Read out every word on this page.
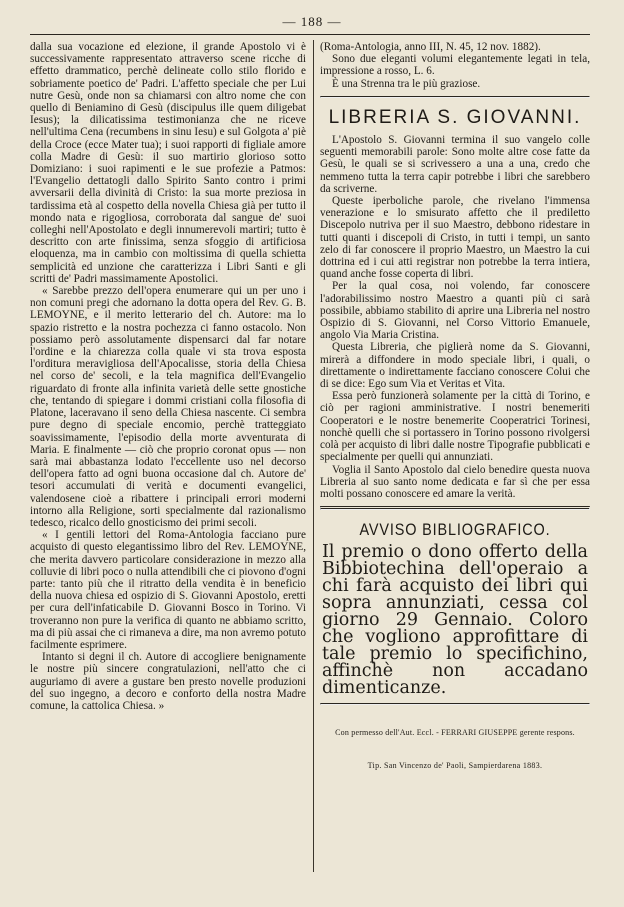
— 188 —

dalla sua vocazione ed elezione, il grande Apostolo vi è successivamente rappresentato attraverso scene ricche di effetto drammatico, perchè delineate collo stilo florido e sobriamente poetico de' Padri. L'affetto speciale che per Lui nutre Gesù, onde non sa chiamarsi con altro nome che con quello di Beniamino di Gesù (discipulus ille quem diligebat Iesus); la dilicatissima testimonianza che ne riceve nell'ultima Cena (recumbens in sinu Iesu) e sul Golgota a' piè della Croce (ecce Mater tua); i suoi rapporti di figliale amore colla Madre di Gesù: il suo martirio glorioso sotto Domiziano: i suoi rapimenti e le sue profezie a Patmos: l'Evangelio dettatogli dallo Spirito Santo contro i primi avversarii della divinità di Cristo: la sua morte preziosa in tardissima età al cospetto della novella Chiesa già per tutto il mondo nata e rigogliosa, corroborata dal sangue de' suoi colleghi nell'Apostolato e degli innumerevoli martiri; tutto è descritto con arte finissima, senza sfoggio di artificiosa eloquenza, ma in cambio con moltissima di quella schietta semplicità ed unzione che caratterizza i Libri Santi e gli scritti de' Padri massimamente Apostolici.

« Sarebbe prezzo dell'opera enumerare qui un per uno i non comuni pregi che adornano la dotta opera del Rev. G. B. LEMOYNE, e il merito letterario del ch. Autore: ma lo spazio ristretto e la nostra pochezza ci fanno ostacolo. Non possiamo però assolutamente dispensarci dal far notare l'ordine e la chiarezza colla quale vi sta trova esposta l'orditura meravigliosa dell'Apocalisse, storia della Chiesa nel corso de' secoli, e la tela magnifica dell'Evangelio riguardato di fronte alla infinita varietà delle sette gnostiche che, tentando di spiegare i dommi cristiani colla filosofia di Platone, laceravano il seno della Chiesa nascente. Ci sembra pure degno di speciale encomio, perchè tratteggiato soavissimamente, l'episodio della morte avventurata di Maria. E finalmente — ciò che proprio coronat opus — non sarà mai abbastanza lodato l'eccellente uso nel decorso dell'opera fatto ad ogni buona occasione dal ch. Autore de' tesori accumulati di verità e documenti evangelici, valendosene cioè a ribattere i principali errori moderni intorno alla Religione, sorti specialmente dal razionalismo tedesco, ricalco dello gnosticismo dei primi secoli.

« I gentili lettori del Roma-Antologia facciano pure acquisto di questo elegantissimo libro del Rev. LEMOYNE, che merita davvero particolare considerazione in mezzo alla colluvie di libri poco o nulla attendibili che ci piovono d'ogni parte: tanto più che il ritratto della vendita è in beneficio della nuova chiesa ed ospizio di S. Giovanni Apostolo, eretti per cura dell'infaticabile D. Giovanni Bosco in Torino. Vi troveranno non pure la verifica di quanto ne abbiamo scritto, ma di più assai che ci rimaneva a dire, ma non avremo potuto facilmente esprimere.

Intanto si degni il ch. Autore di accogliere benignamente le nostre più sincere congratulazioni, nell'atto che ci auguriamo di avere a gustare ben presto novelle produzioni del suo ingegno, a decoro e conforto della nostra Madre comune, la cattolica Chiesa. »

(Roma-Antologia, anno III, N. 45, 12 nov. 1882).

Sono due eleganti volumi elegantemente legati in tela, impressione a rosso, L. 6.

È una Strenna tra le più graziose.

LIBRERIA S. GIOVANNI.

L'Apostolo S. Giovanni termina il suo vangelo colle seguenti memorabili parole: Sono molte altre cose fatte da Gesù, le quali se si scrivessero a una a una, credo che nemmeno tutta la terra capir potrebbe i libri che sarebbero da scriverne.

Queste iperboliche parole, che rivelano l'immensa venerazione e lo smisurato affetto che il prediletto Discepolo nutriva per il suo Maestro, debbono ridestare in tutti quanti i discepoli di Cristo, in tutti i tempi, un santo zelo di far conoscere il proprio Maestro, un Maestro la cui dottrina ed i cui atti registrar non potrebbe la terra intiera, quand anche fosse coperta di libri.

Per la qual cosa, noi volendo, far conoscere l'adorabilissimo nostro Maestro a quanti più ci sarà possibile, abbiamo stabilito di aprire una Libreria nel nostro Ospizio di S. Giovanni, nel Corso Vittorio Emanuele, angolo Via Maria Cristina.

Questa Libreria, che piglierà nome da S. Giovanni, mirerà a diffondere in modo speciale libri, i quali, o direttamente o indirettamente facciano conoscere Colui che di se dice: Ego sum Via et Veritas et Vita.

Essa però funzionerà solamente per la città di Torino, e ciò per ragioni amministrative. I nostri benemeriti Cooperatori e le nostre benemerite Cooperatrici Torinesi, nonchè quelli che si portassero in Torino possono rivolgersi colà per acquisto di libri dalle nostre Tipografie pubblicati e specialmente per quelli qui annunziati.

Voglia il Santo Apostolo dal cielo benedire questa nuova Libreria al suo santo nome dedicata e far sì che per essa molti possano conoscere ed amare la verità.

AVVISO BIBLIOGRAFICO.
Il premio o dono offerto della Bibbiotechina dell'operaio a chi farà acquisto dei libri qui sopra annunziati, cessa col giorno 29 Gennaio. Coloro che vogliono approfittare di tale premio lo specifichino, affinchè non accadano dimenticanze.
Con permesso dell'Aut. Eccl. - FERRARI GIUSEPPE gerente respons.
Tip. San Vincenzo de' Paoli, Sampierdarena 1883.
